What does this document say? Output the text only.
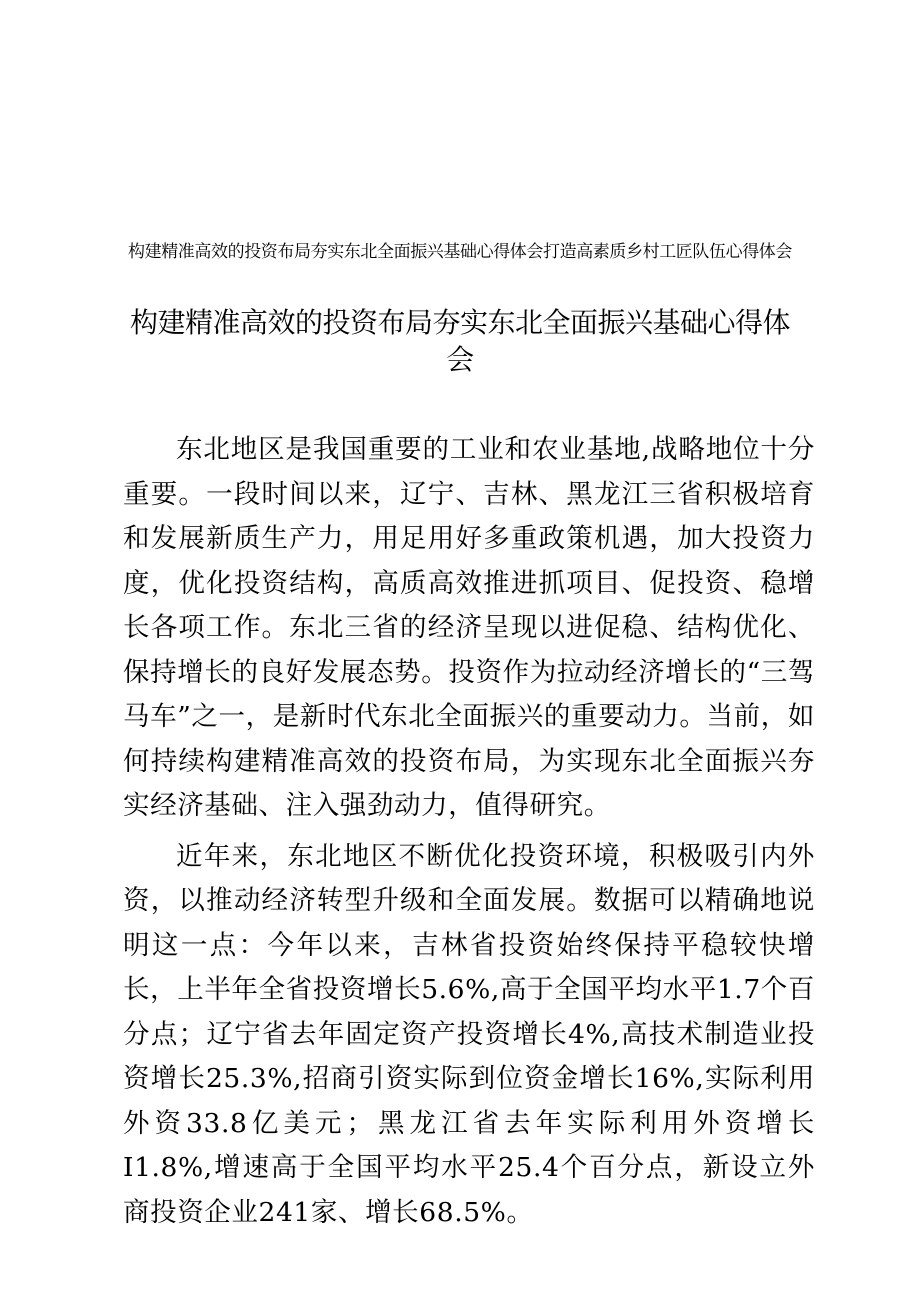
构建精准高效的投资布局夯实东北全面振兴基础心得体会打造高素质乡村工匠队伍心得体会
构建精准高效的投资布局夯实东北全面振兴基础心得体会

东北地区是我国重要的工业和农业基地,战略地位十分重要。一段时间以来，辽宁、吉林、黑龙江三省积极培育和发展新质生产力，用足用好多重政策机遇，加大投资力度，优化投资结构，高质高效推进抓项目、促投资、稳增长各项工作。东北三省的经济呈现以进促稳、结构优化、保持增长的良好发展态势。投资作为拉动经济增长的“三驾马车”之一，是新时代东北全面振兴的重要动力。当前，如何持续构建精准高效的投资布局，为实现东北全面振兴夯实经济基础、注入强劲动力，值得研究。

近年来，东北地区不断优化投资环境，积极吸引内外资，以推动经济转型升级和全面发展。数据可以精确地说明这一点：今年以来，吉林省投资始终保持平稳较快增长，上半年全省投资增长5.6%,高于全国平均水平1.7个百分点；辽宁省去年固定资产投资增长4%,高技术制造业投资增长25.3%,招商引资实际到位资金增长16%,实际利用外资33.8亿美元；黑龙江省去年实际利用外资增长I1.8%,增速高于全国平均水平25.4个百分点，新设立外商投资企业241家、增长68.5%。
